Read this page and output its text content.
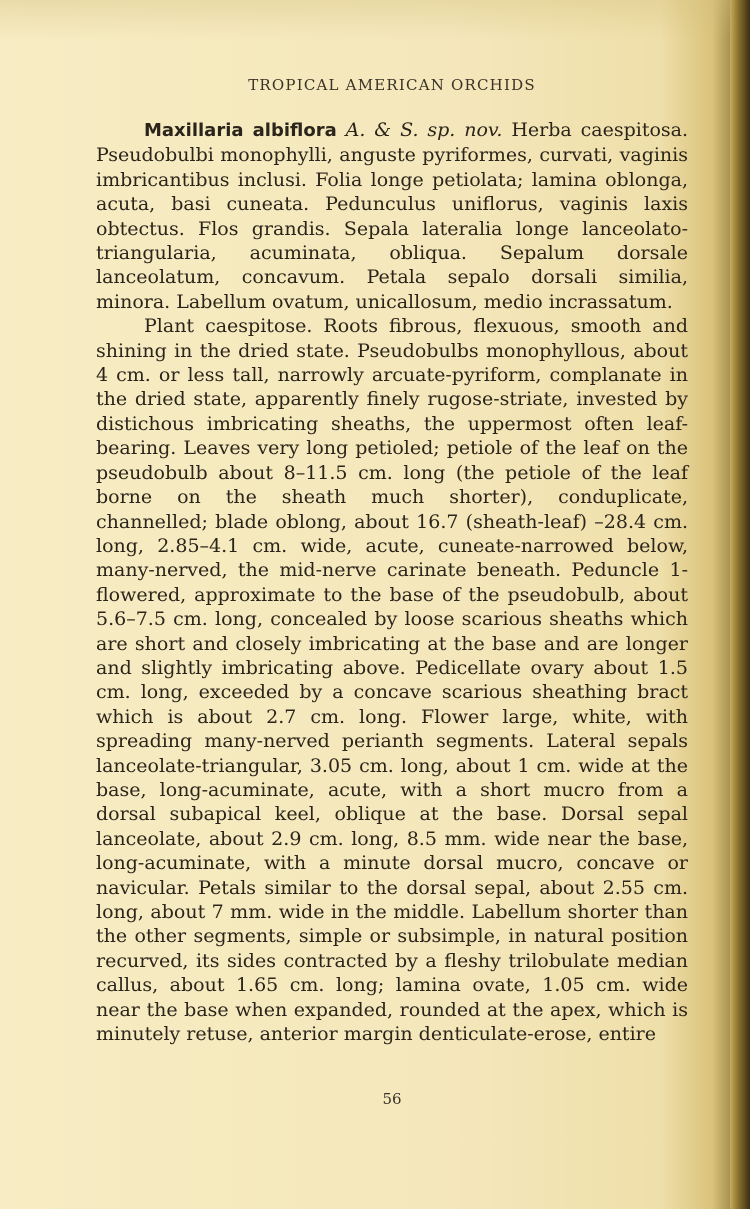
TROPICAL AMERICAN ORCHIDS

Maxillaria albiflora A. & S. sp. nov. Herba caespitosa. Pseudobulbi monophylli, anguste pyriformes, curvati, vaginis imbricantibus inclusi. Folia longe petiolata; lamina oblonga, acuta, basi cuneata. Pedunculus uniflorus, vaginis laxis obtectus. Flos grandis. Sepala lateralia longe lanceolato-triangularia, acuminata, obliqua. Sepalum dorsale lanceolatum, concavum. Petala sepalo dorsali similia, minora. Labellum ovatum, unicallosum, medio incrassatum.

Plant caespitose. Roots fibrous, flexuous, smooth and shining in the dried state. Pseudobulbs monophyllous, about 4 cm. or less tall, narrowly arcuate-pyriform, complanate in the dried state, apparently finely rugose-striate, invested by distichous imbricating sheaths, the uppermost often leaf-bearing. Leaves very long petioled; petiole of the leaf on the pseudobulb about 8–11.5 cm. long (the petiole of the leaf borne on the sheath much shorter), conduplicate, channelled; blade oblong, about 16.7 (sheath-leaf) –28.4 cm. long, 2.85–4.1 cm. wide, acute, cuneate-narrowed below, many-nerved, the mid-nerve carinate beneath. Peduncle 1-flowered, approximate to the base of the pseudobulb, about 5.6–7.5 cm. long, concealed by loose scarious sheaths which are short and closely imbricating at the base and are longer and slightly imbricating above. Pedicellate ovary about 1.5 cm. long, exceeded by a concave scarious sheathing bract which is about 2.7 cm. long. Flower large, white, with spreading many-nerved perianth segments. Lateral sepals lanceolate-triangular, 3.05 cm. long, about 1 cm. wide at the base, long-acuminate, acute, with a short mucro from a dorsal subapical keel, oblique at the base. Dorsal sepal lanceolate, about 2.9 cm. long, 8.5 mm. wide near the base, long-acuminate, with a minute dorsal mucro, concave or navicular. Petals similar to the dorsal sepal, about 2.55 cm. long, about 7 mm. wide in the middle. Labellum shorter than the other segments, simple or subsimple, in natural position recurved, its sides contracted by a fleshy trilobulate median callus, about 1.65 cm. long; lamina ovate, 1.05 cm. wide near the base when expanded, rounded at the apex, which is minutely retuse, anterior margin denticulate-erose, entire

56
